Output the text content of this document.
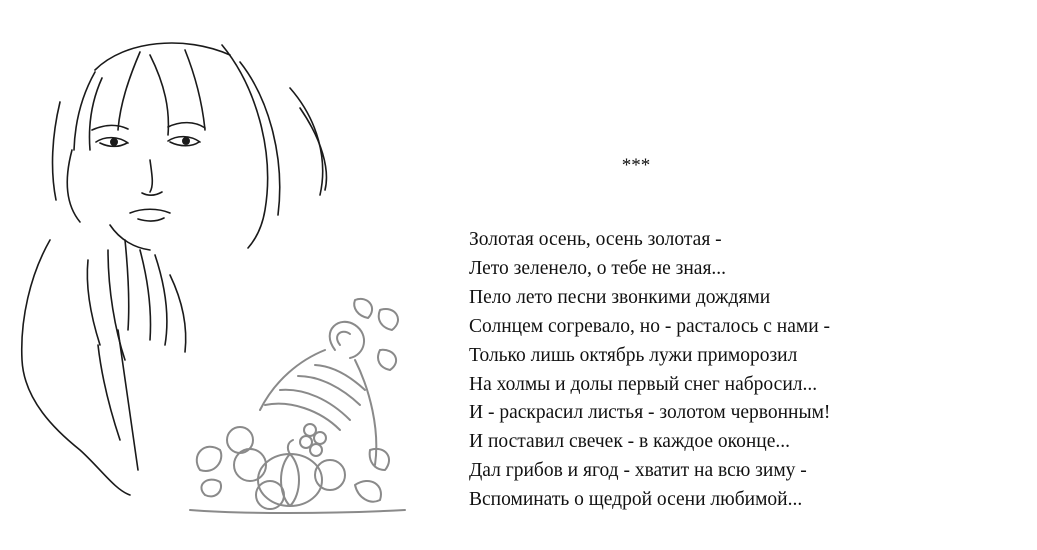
***
Золотая осень, осень золотая -
Лето зеленело, о тебе не зная...
Пело лето песни звонкими дождями
Солнцем согревало, но - расталось с нами -
Только лишь октябрь лужи приморозил
На холмы и долы первый снег набросил...
И - раскрасил листья - золотом червонным!
И поставил свечек - в каждое оконце...
Дал грибов и ягод - хватит на всю зиму -
Вспоминать о щедрой осени любимой...
